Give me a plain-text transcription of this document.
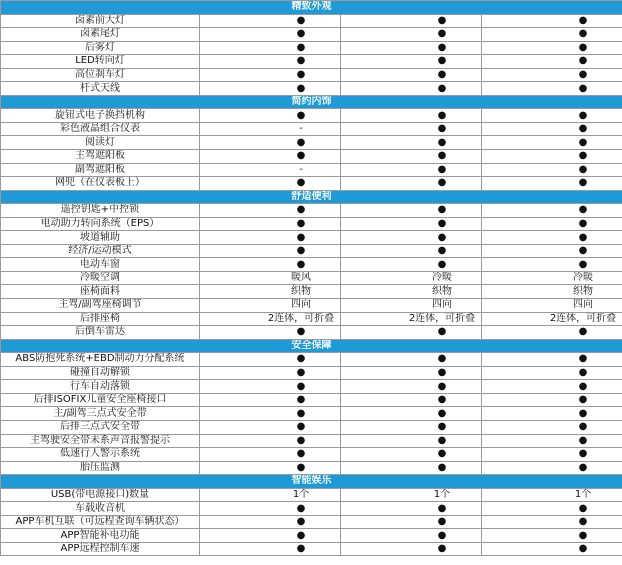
精致外观			
卤素前大灯	●	●	●
卤素尾灯	●	●	●
后雾灯	●	●	●
LED转向灯	●	●	●
高位刹车灯	●	●	●
杆式天线	●	●	●
简约内饰			
旋钮式电子换挡机构	●	●	●
彩色液晶组合仪表	-	●	●
阅读灯	●	●	●
主驾遮阳板	●	●	●
副驾遮阳板	-	●	●
网兜（在仪表板上）	●	●	●
舒适便利			
遥控钥匙+中控锁	●	●	●
电动助力转向系统（EPS）	●	●	●
坡道辅助	●	●	●
经济/运动模式	●	●	●
电动车窗	●	●	●
冷暖空调	暖风	冷暖	冷暖
座椅面料	织物	织物	织物
主驾/副驾座椅调节	四向	四向	四向
后排座椅	2连体，可折叠	2连体，可折叠	2连体，可折叠
后倒车雷达	●	●	●
安全保障			
ABS防抱死系统+EBD制动力分配系统	●	●	●
碰撞自动解锁	●	●	●
行车自动落锁	●	●	●
后排ISOFIX儿童安全座椅接口	●	●	●
主/副驾三点式安全带	●	●	●
后排三点式安全带	●	●	●
主驾驶安全带未系声音报警提示	●	●	●
低速行人警示系统	●	●	●
胎压监测	●	●	●
智能娱乐			
USB(带电源接口)数量	1个	1个	1个
车载收音机	●	●	●
APP车机互联（可远程查询车辆状态）	●	●	●
APP智能补电功能	●	●	●
APP远程控制车速	●	●	●
